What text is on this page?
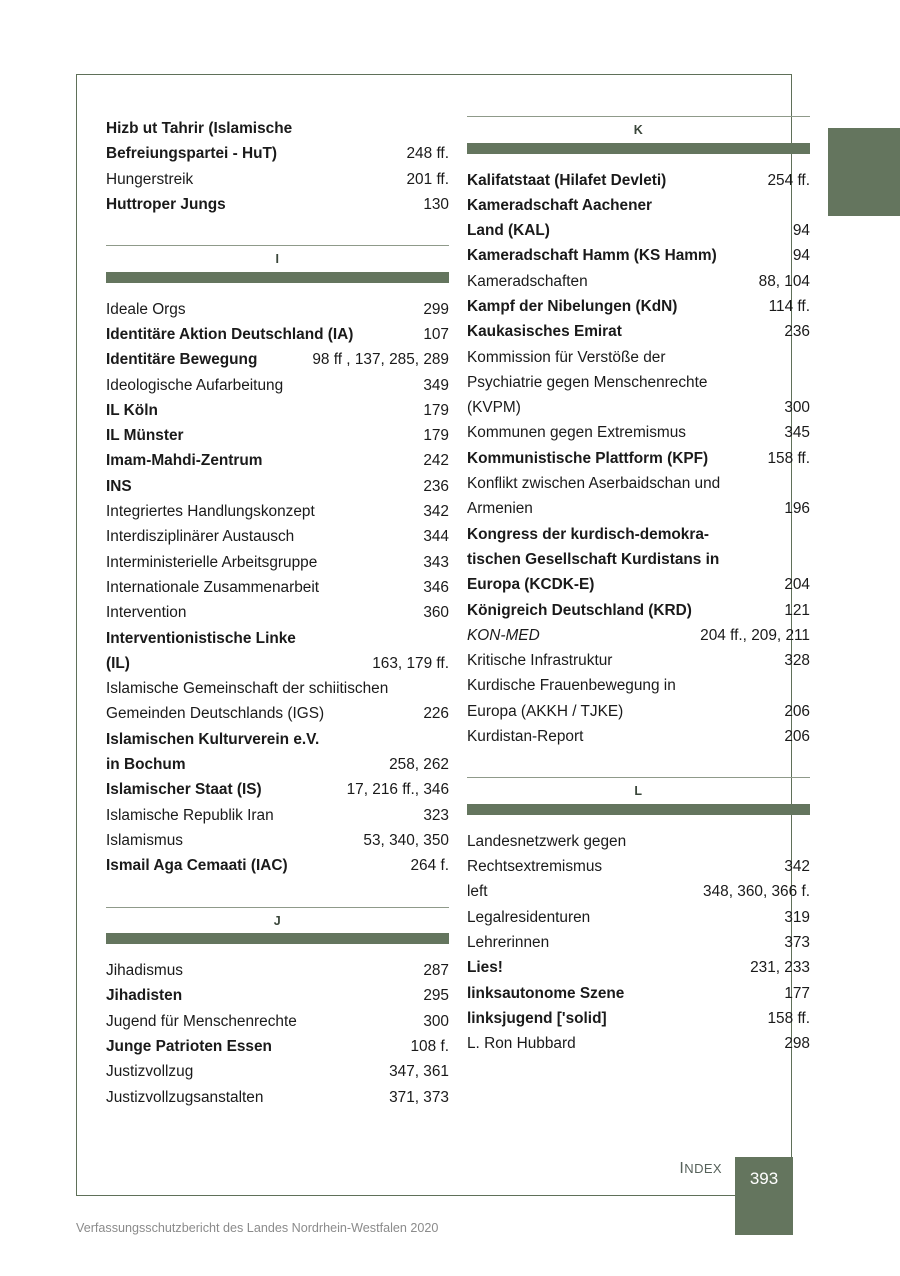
Hizb ut Tahrir (Islamische
Befreiungspartei - HuT)	248 ff.
Hungerstreik	201 ff.
Huttroper Jungs	130
I
Ideale Orgs	299
Identitäre Aktion Deutschland (IA)	107
Identitäre Bewegung	98 ff , 137, 285, 289
Ideologische Aufarbeitung	349
IL Köln	179
IL Münster	179
Imam-Mahdi-Zentrum	242
INS	236
Integriertes Handlungskonzept	342
Interdisziplinärer Austausch	344
Interministerielle Arbeitsgruppe	343
Internationale Zusammenarbeit	346
Intervention	360
Interventionistische Linke
(IL)	163, 179 ff.
Islamische Gemeinschaft der schiitischen
Gemeinden Deutschlands (IGS)	226
Islamischen Kulturverein e.V.
in Bochum	258, 262
Islamischer Staat (IS)	17, 216 ff., 346
Islamische Republik Iran	323
Islamismus	53, 340, 350
Ismail Aga Cemaati (IAC)	264 f.
J
Jihadismus	287
Jihadisten	295
Jugend für Menschenrechte	300
Junge Patrioten Essen	108 f.
Justizvollzug	347, 361
Justizvollzugsanstalten	371, 373
K
Kalifatstaat (Hilafet Devleti)	254 ff.
Kameradschaft Aachener
Land (KAL)	94
Kameradschaft Hamm (KS Hamm)	94
Kameradschaften	88, 104
Kampf der Nibelungen (KdN)	114 ff.
Kaukasisches Emirat	236
Kommission für Verstöße der
Psychiatrie gegen Menschenrechte
(KVPM)	300
Kommunen gegen Extremismus	345
Kommunistische Plattform (KPF)	158 ff.
Konflikt zwischen Aserbaidschan und
Armenien	196
Kongress der kurdisch-demokra-
tischen Gesellschaft Kurdistans in
Europa (KCDK-E)	204
Königreich Deutschland (KRD)	121
KON-MED	204 ff., 209, 211
Kritische Infrastruktur	328
Kurdische Frauenbewegung in
Europa (AKKH / TJKE)	206
Kurdistan-Report	206
L
Landesnetzwerk gegen
Rechtsextremismus	342
left	348, 360, 366 f.
Legalresidenturen	319
Lehrerinnen	373
Lies!	231, 233
linksautonome Szene	177
linksjugend ['solid]	158 ff.
L. Ron Hubbard	298
INDEX
393
Verfassungsschutzbericht des Landes Nordrhein-Westfalen 2020
